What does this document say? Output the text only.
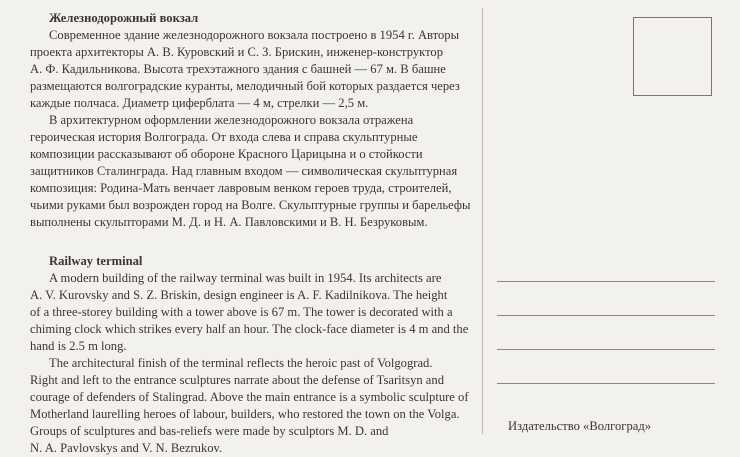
Железнодорожный вокзал

Современное здание железнодорожного вокзала построено в 1954 г. Авторы

проекта архитекторы А. В. Куровский и С. З. Брискин, инженер-конструктор

А. Ф. Кадильникова. Высота трехэтажного здания с башней — 67 м. В башне

размещаются волгоградские куранты, мелодичный бой которых раздается через

каждые полчаса. Диаметр циферблата — 4 м, стрелки — 2,5 м.

В архитектурном оформлении железнодорожного вокзала отражена

героическая история Волгограда. От входа слева и справа скульптурные

композиции рассказывают об обороне Красного Царицына и о стойкости

защитников Сталинграда. Над главным входом — символическая скульптурная

композиция: Родина-Мать венчает лавровым венком героев труда, строителей,

чьими руками был возрожден город на Волге. Скульптурные группы и барельефы

выполнены скульпторами М. Д. и Н. А. Павловскими и В. Н. Безруковым.

Railway terminal

A modern building of the railway terminal was built in 1954. Its architects are

A. V. Kurovsky and S. Z. Briskin, design engineer is A. F. Kadilnikova. The height

of a three-storey building with a tower above is 67 m. The tower is decorated with a

chiming clock which strikes every half an hour. The clock-face diameter is 4 m and the

hand is 2.5 m long.

The architectural finish of the terminal reflects the heroic past of Volgograd.

Right and left to the entrance sculptures narrate about the defense of Tsaritsyn and

courage of defenders of Stalingrad. Above the main entrance is a symbolic sculpture of

Motherland laurelling heroes of labour, builders, who restored the town on the Volga.

Groups of sculptures and bas-reliefs were made by sculptors M. D. and

N. A. Pavlovskys and V. N. Bezrukov.

Издательство «Волгоград»
